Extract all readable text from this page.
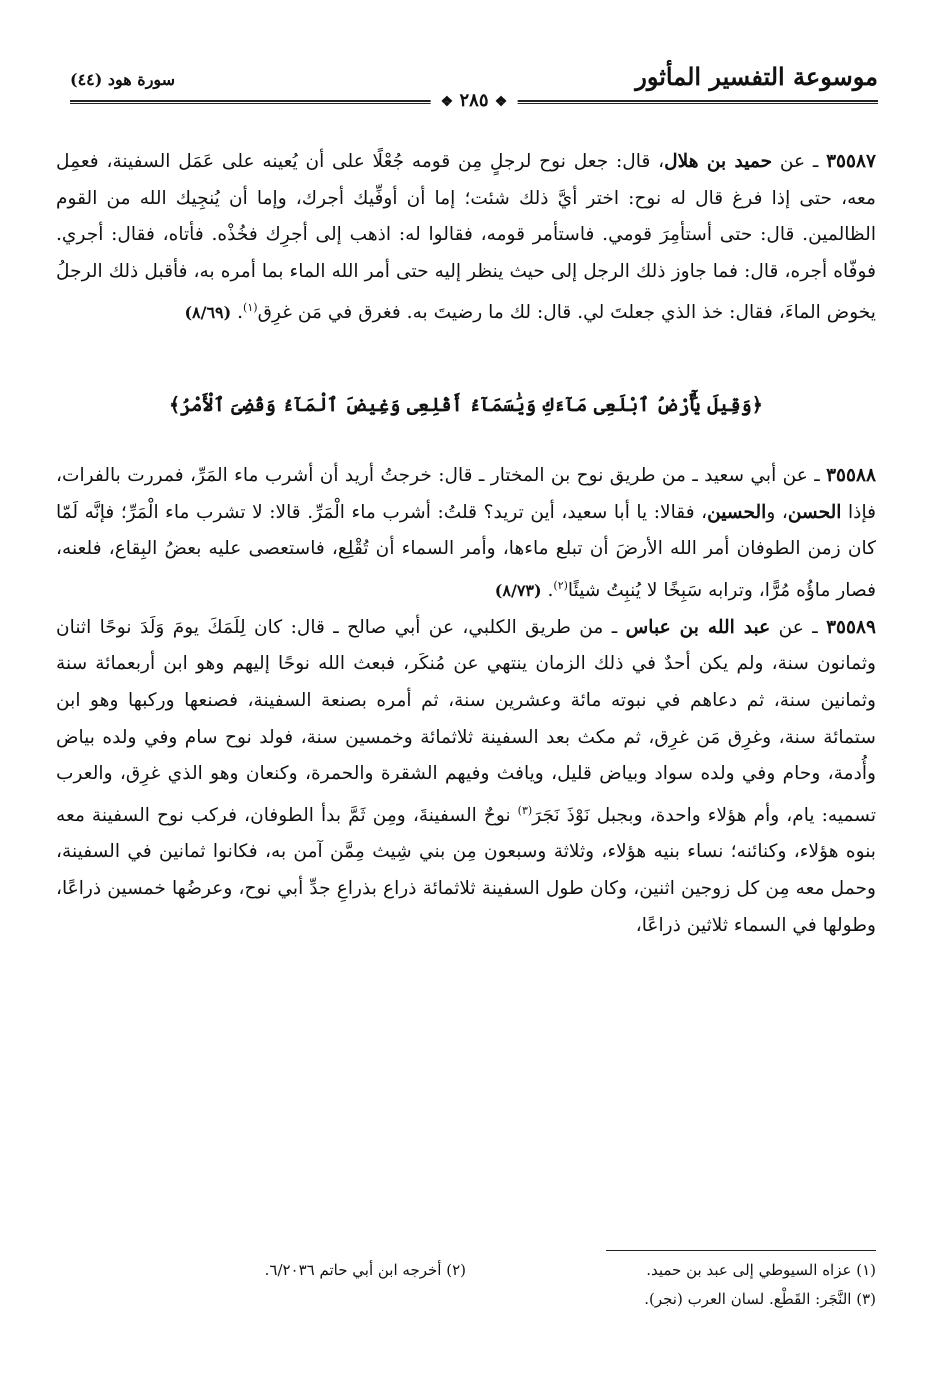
موسوعة التفسير المأثور
سورة هود (٤٤)
❖ ٢٨٥ ❖

٣٥٥٨٧ ـ عن حميد بن هلال، قال: جعل نوح لرجلٍ مِن قومه جُعْلًا على أن يُعينه على عَمَل السفينة، فعمِل معه، حتى إذا فرغ قال له نوح: اختر أيَّ ذلك شئت؛ إما أن أوفِّيك أجرك، وإما أن يُنجِيك الله من القوم الظالمين. قال: حتى أستأمِرَ قومي. فاستأمر قومه، فقالوا له: اذهب إلى أجرِك فخُذْه. فأتاه، فقال: أجري. فوفّاه أجره، قال: فما جاوز ذلك الرجل إلى حيث ينظر إليه حتى أمر الله الماء بما أمره به، فأقبل ذلك الرجلُ يخوض الماءَ، فقال: خذ الذي جعلتَ لي. قال: لك ما رضيتَ به. فغرق في مَن غرِق$^{(١)}$. (٨/٦٩)

﴿وَقِيلَ يَٰٓأَرْضُ ٱبْلَعِى مَآءَكِ وَيَٰسَمَآءُ أَقْلِعِى وَغِيضَ ٱلْمَآءُ وَقُضِىَ ٱلْأَمْرُ﴾

٣٥٥٨٨ ـ عن أبي سعيد ـ من طريق نوح بن المختار ـ قال: خرجتُ أريد أن أشرب ماء المَرِّ، فمررت بالفرات، فإذا الحسن، والحسين، فقالا: يا أبا سعيد، أين تريد؟ قلتُ: أشرب ماء الْمَرِّ. قالا: لا تشرب ماء الْمَرِّ؛ فإنَّه لَمّا كان زمن الطوفان أمر الله الأرضَ أن تبلع ماءها، وأمر السماء أن تُقْلِع، فاستعصى عليه بعضُ البِقاع، فلعنه، فصار ماؤُه مُرًّا، وترابه سَبِخًا لا يُنبِتُ شيئًا$^{(٢)}$. (٨/٧٣)

٣٥٥٨٩ ـ عن عبد الله بن عباس ـ من طريق الكلبي، عن أبي صالح ـ قال: كان لِلَمَكَ يومَ وَلَدَ نوحًا اثنان وثمانون سنة، ولم يكن أحدٌ في ذلك الزمان ينتهي عن مُنكَر، فبعث الله نوحًا إليهم وهو ابن أربعمائة سنة وثمانين سنة، ثم دعاهم في نبوته مائة وعشرين سنة، ثم أمره بصنعة السفينة، فصنعها وركبها وهو ابن ستمائة سنة، وغرِق مَن غرِق، ثم مكث بعد السفينة ثلاثمائة وخمسين سنة، فولد نوح سام وفي ولده بياض وأُدمة، وحام وفي ولده سواد وبياض قليل، ويافث وفيهم الشقرة والحمرة، وكنعان وهو الذي غرِق، والعرب تسميه: يام، وأم هؤلاء واحدة، وبجبل نَوْذَ نَجَرَ$^{(٣)}$ نوحٌ السفينةَ، ومِن ثَمَّ بدأ الطوفان، فركب نوح السفينة معه بنوه هؤلاء، وكنائنه؛ نساء بنيه هؤلاء، وثلاثة وسبعون مِن بني شِيث مِمَّن آمن به، فكانوا ثمانين في السفينة، وحمل معه مِن كل زوجين اثنين، وكان طول السفينة ثلاثمائة ذراع بذراعِ جدِّ أبي نوح، وعرضُها خمسين ذراعًا، وطولها في السماء ثلاثين ذراعًا،

(١) عزاه السيوطي إلى عبد بن حميد.
(٢) أخرجه ابن أبي حاتم ٦/٢٠٣٦.
(٣) النَّجَر: القَطْع. لسان العرب (نجر).
